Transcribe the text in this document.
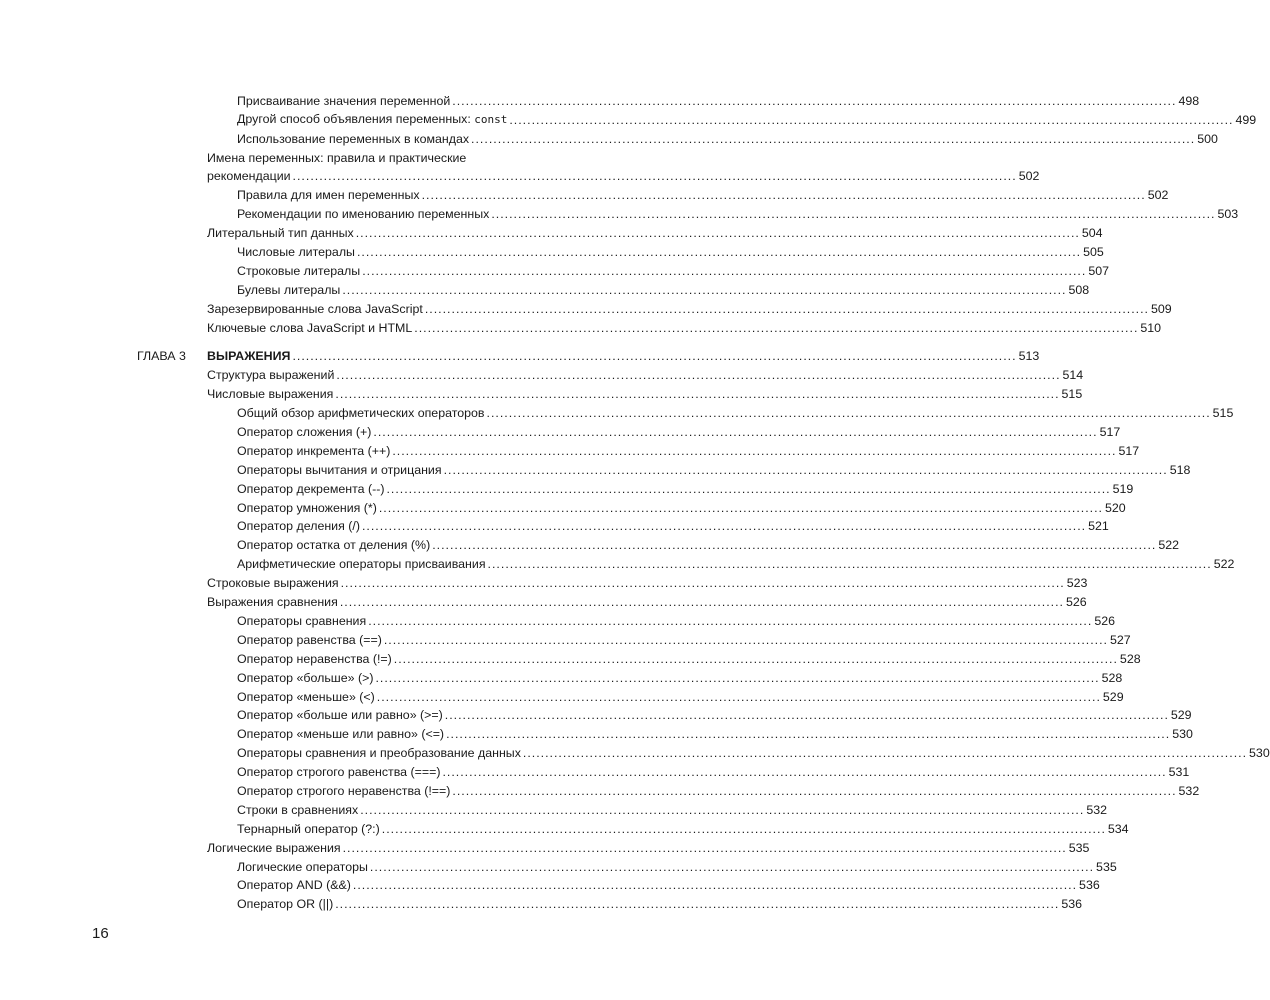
Присваивание значения переменной .....	498
Другой способ объявления переменных: const .....	499
Использование переменных в командах .....	500
Имена переменных: правила и практические
рекомендации .....	502
Правила для имен переменных .....	502
Рекомендации по именованию переменных .....	503
Литеральный тип данных .....	504
Числовые литералы .....	505
Строковые литералы .....	507
Булевы литералы .....	508
Зарезервированные слова JavaScript .....	509
Ключевые слова JavaScript и HTML .....	510
ГЛАВА 3 ВЫРАЖЕНИЯ .....	513
Структура выражений .....	514
Числовые выражения .....	515
Общий обзор арифметических операторов .....	515
Оператор сложения (+) .....	517
Оператор инкремента (++) .....	517
Операторы вычитания и отрицания .....	518
Оператор декремента (--) .....	519
Оператор умножения (*) .....	520
Оператор деления (/) .....	521
Оператор остатка от деления (%) .....	522
Арифметические операторы присваивания .....	522
Строковые выражения .....	523
Выражения сравнения .....	526
Операторы сравнения .....	526
Оператор равенства (==) .....	527
Оператор неравенства (!=) .....	528
Оператор «больше» (>) .....	528
Оператор «меньше» (<) .....	529
Оператор «больше или равно» (>=) .....	529
Оператор «меньше или равно» (<=) .....	530
Операторы сравнения и преобразование данных .....	530
Оператор строгого равенства (===) .....	531
Оператор строгого неравенства (!==) .....	532
Строки в сравнениях .....	532
Тернарный оператор (?:) .....	534
Логические выражения .....	535
Логические операторы .....	535
Оператор AND (&&) .....	536
Оператор OR (||) .....	536
16
